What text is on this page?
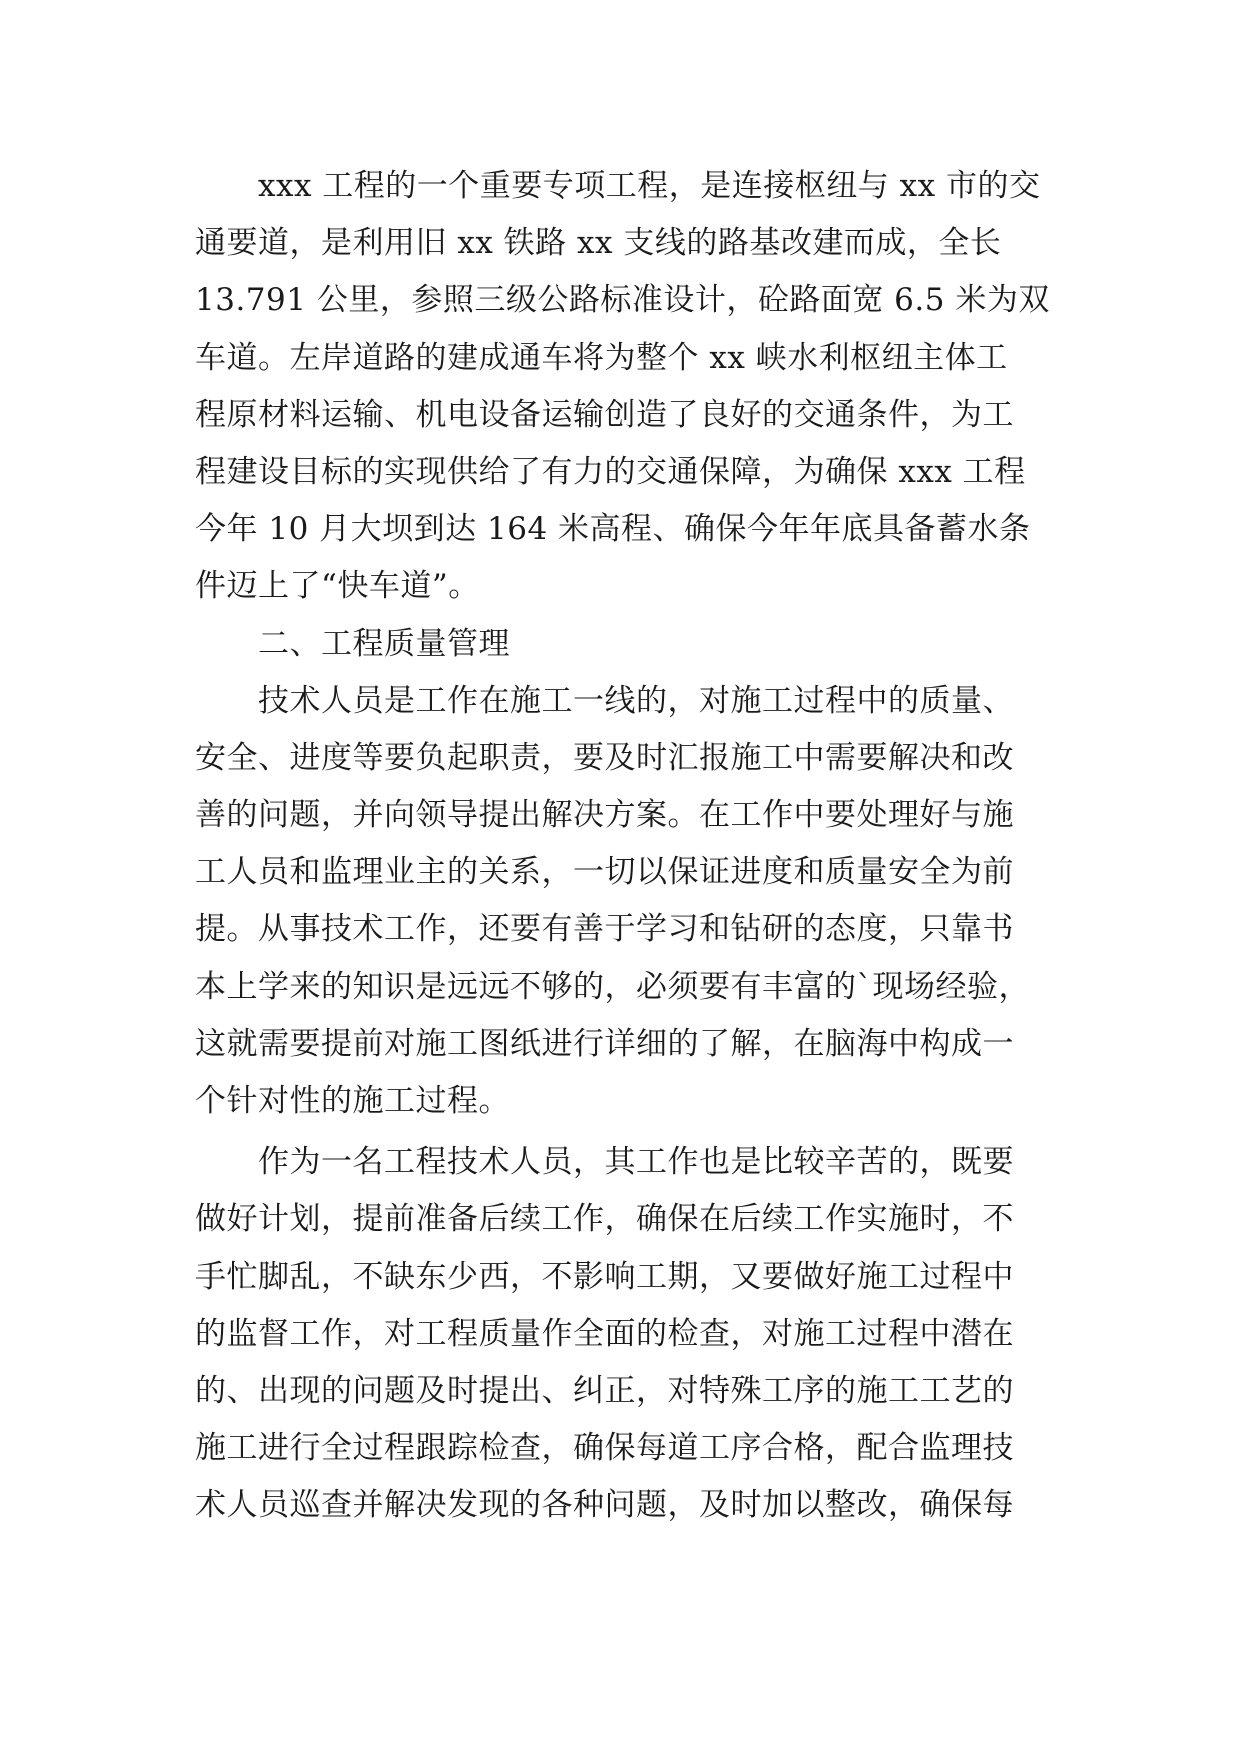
xxx 工程的一个重要专项工程，是连接枢纽与 xx 市的交
通要道，是利用旧 xx 铁路 xx 支线的路基改建而成，全长
13.791 公里，参照三级公路标准设计，砼路面宽 6.5 米为双
车道。左岸道路的建成通车将为整个 xx 峡水利枢纽主体工
程原材料运输、机电设备运输创造了良好的交通条件，为工
程建设目标的实现供给了有力的交通保障，为确保 xxx 工程
今年 10 月大坝到达 164 米高程、确保今年年底具备蓄水条
件迈上了“快车道”。
二、工程质量管理
技术人员是工作在施工一线的，对施工过程中的质量、
安全、进度等要负起职责，要及时汇报施工中需要解决和改
善的问题，并向领导提出解决方案。在工作中要处理好与施
工人员和监理业主的关系，一切以保证进度和质量安全为前
提。从事技术工作，还要有善于学习和钻研的态度，只靠书
本上学来的知识是远远不够的，必须要有丰富的`现场经验，
这就需要提前对施工图纸进行详细的了解，在脑海中构成一
个针对性的施工过程。
作为一名工程技术人员，其工作也是比较辛苦的，既要
做好计划，提前准备后续工作，确保在后续工作实施时，不
手忙脚乱，不缺东少西，不影响工期，又要做好施工过程中
的监督工作，对工程质量作全面的检查，对施工过程中潜在
的、出现的问题及时提出、纠正，对特殊工序的施工工艺的
施工进行全过程跟踪检查，确保每道工序合格，配合监理技
术人员巡查并解决发现的各种问题，及时加以整改，确保每
